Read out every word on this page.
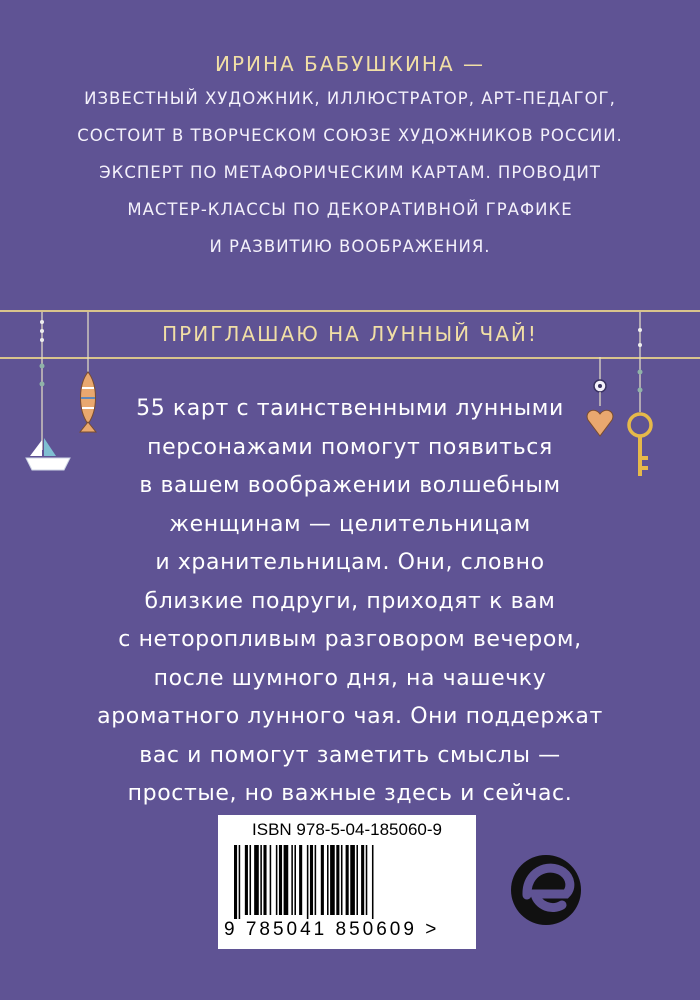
ИРИНА БАБУШКИНА —
ИЗВЕСТНЫЙ ХУДОЖНИК, ИЛЛЮСТРАТОР, АРТ-ПЕДАГОГ,
СОСТОИТ В ТВОРЧЕСКОМ СОЮЗЕ ХУДОЖНИКОВ РОССИИ.
ЭКСПЕРТ ПО МЕТАФОРИЧЕСКИМ КАРТАМ. ПРОВОДИТ
МАСТЕР-КЛАССЫ ПО ДЕКОРАТИВНОЙ ГРАФИКЕ
И РАЗВИТИЮ ВООБРАЖЕНИЯ.
ПРИГЛАШАЮ НА ЛУННЫЙ ЧАЙ!
55 карт с таинственными лунными
персонажами помогут появиться
в вашем воображении волшебным
женщинам — целительницам
и хранительницам. Они, словно
близкие подруги, приходят к вам
с неторопливым разговором вечером,
после шумного дня, на чашечку
ароматного лунного чая. Они поддержат
вас и помогут заметить смыслы —
простые, но важные здесь и сейчас.
ISBN 978-5-04-185060-9
9 785041 850609 >
